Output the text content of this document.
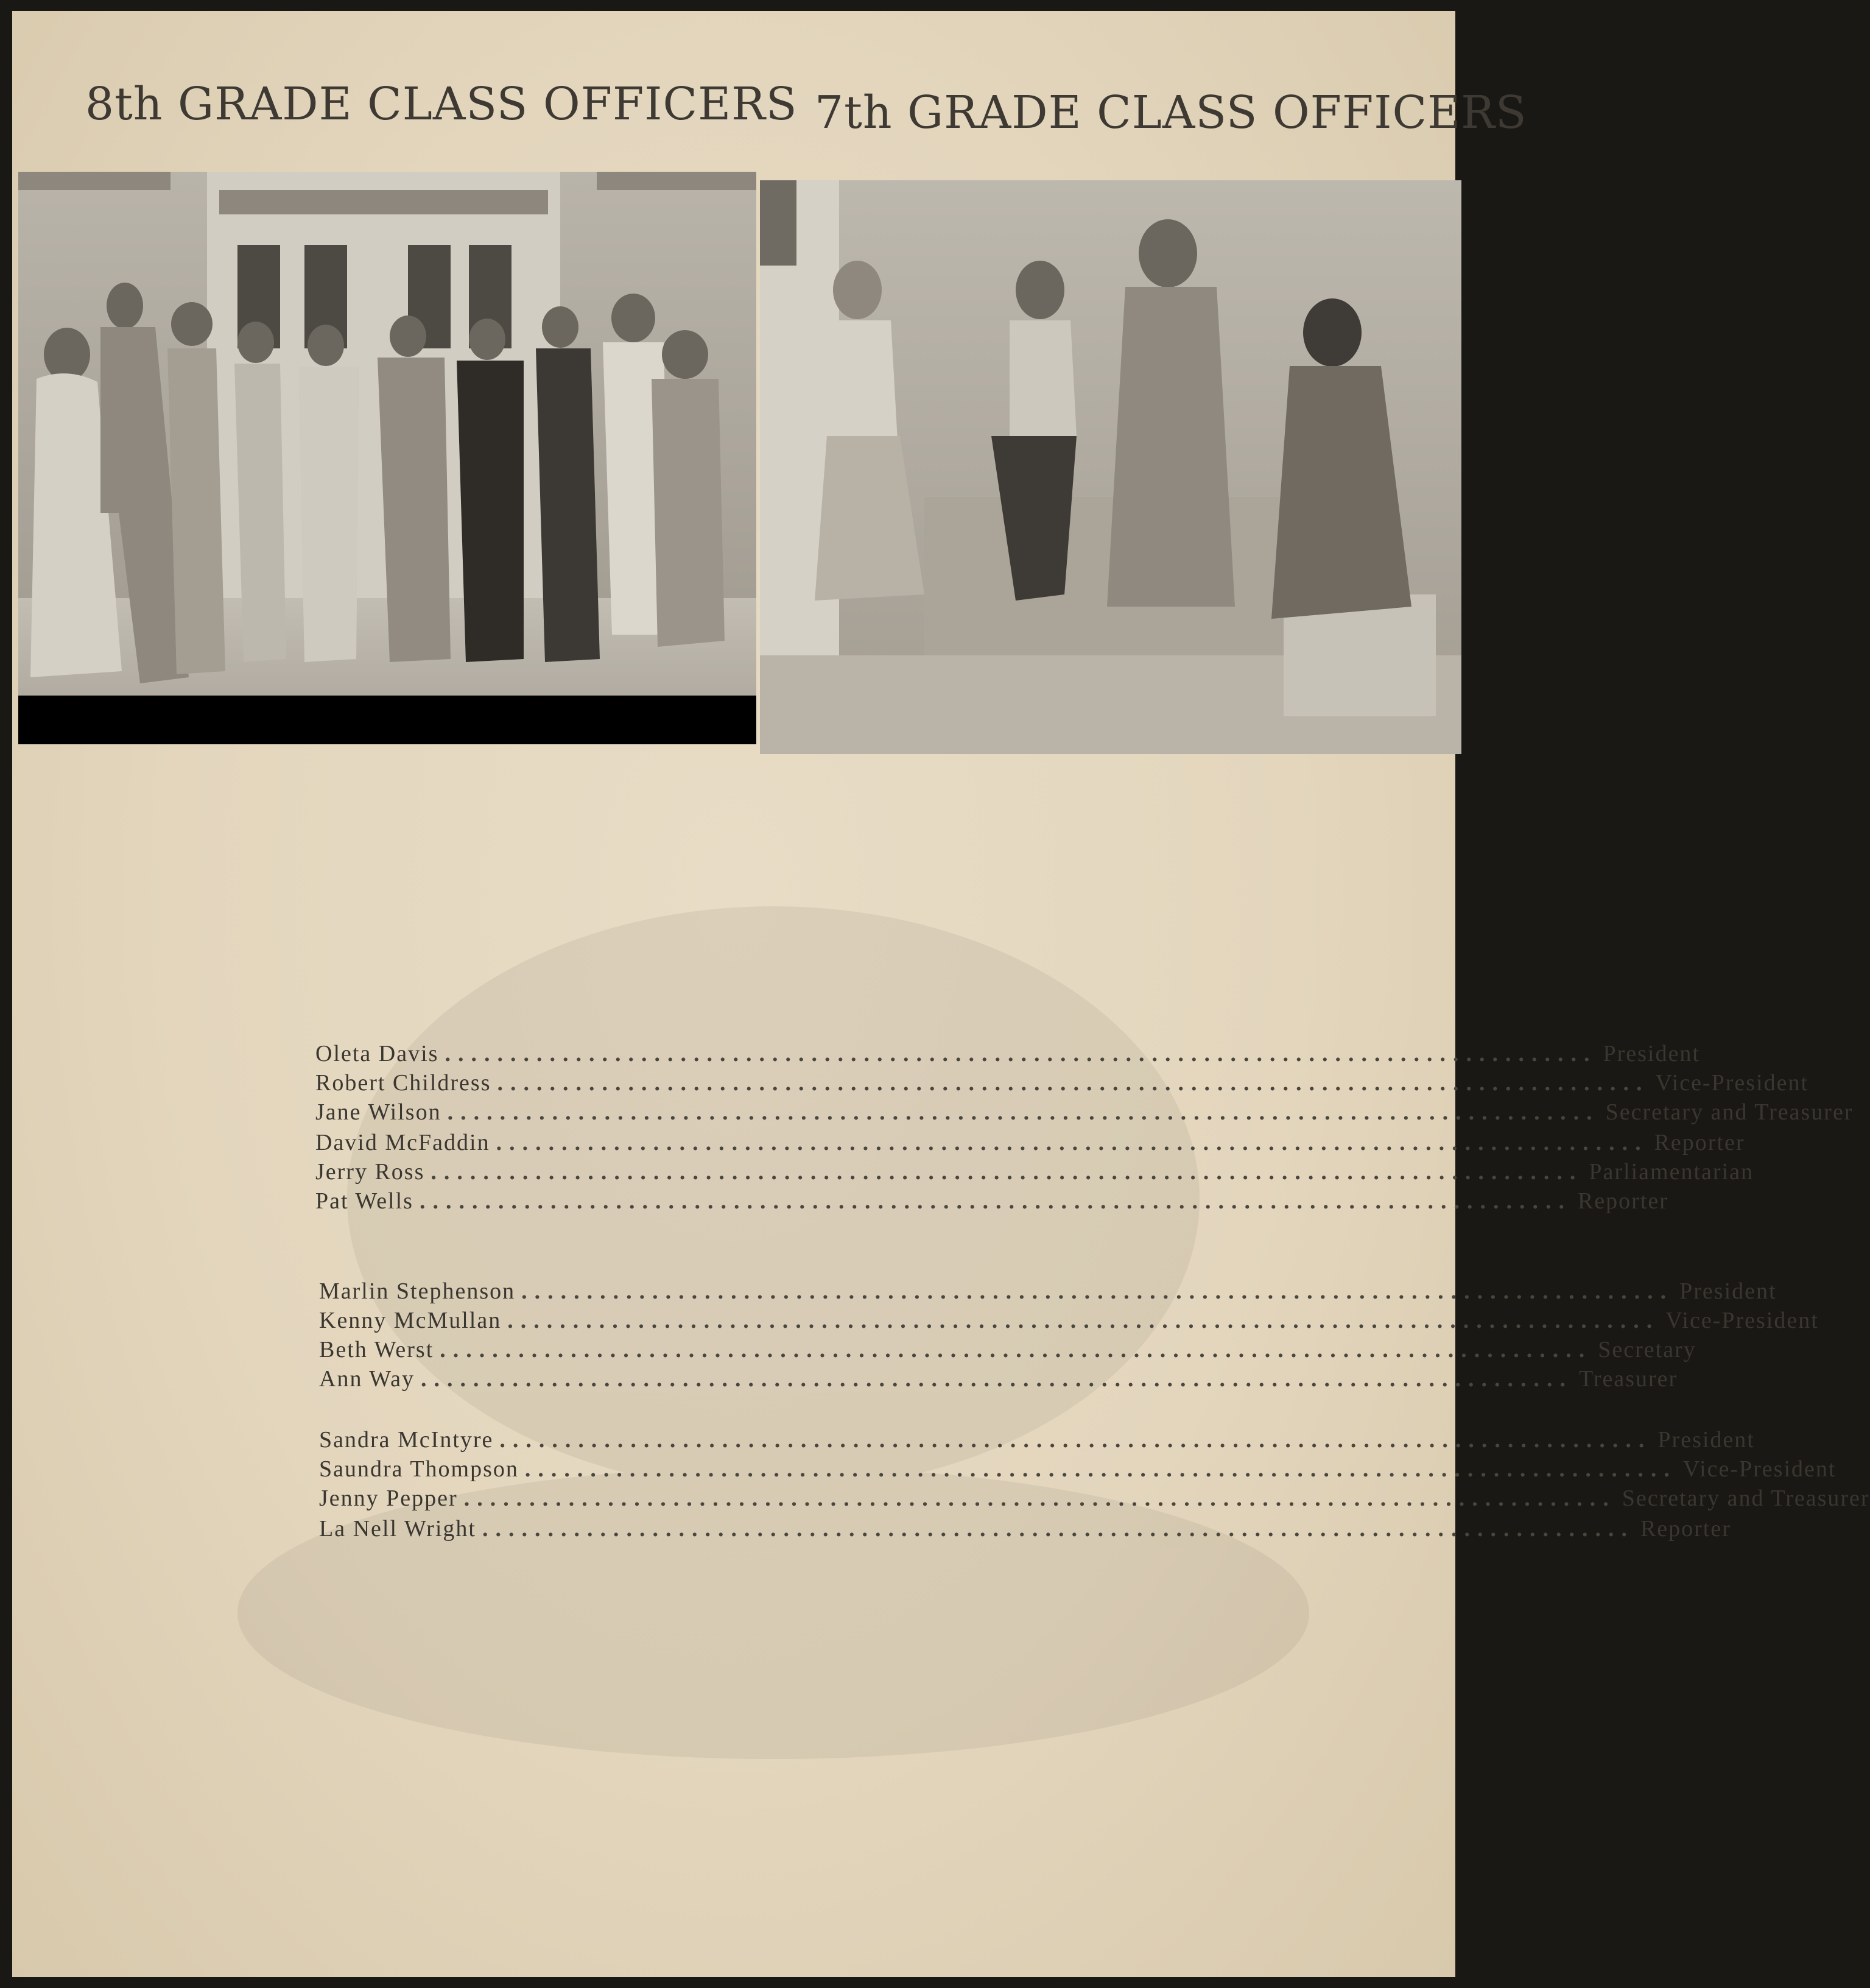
8th GRADE CLASS OFFICERS 7th GRADE CLASS OFFICERS
Oleta Davis ........................................................................................ President
Robert Childress ........................................................................................ Vice-President
Jane Wilson ........................................................................................ Secretary and Treasurer
David McFaddin ........................................................................................ Reporter
Jerry Ross ........................................................................................ Parliamentarian
Pat Wells ........................................................................................ Reporter
Marlin Stephenson ........................................................................................ President
Kenny McMullan ........................................................................................ Vice-President
Beth Werst ........................................................................................ Secretary
Ann Way ........................................................................................ Treasurer
Sandra McIntyre ........................................................................................ President
Saundra Thompson ........................................................................................ Vice-President
Jenny Pepper ........................................................................................ Secretary and Treasurer
La Nell Wright ........................................................................................ Reporter
